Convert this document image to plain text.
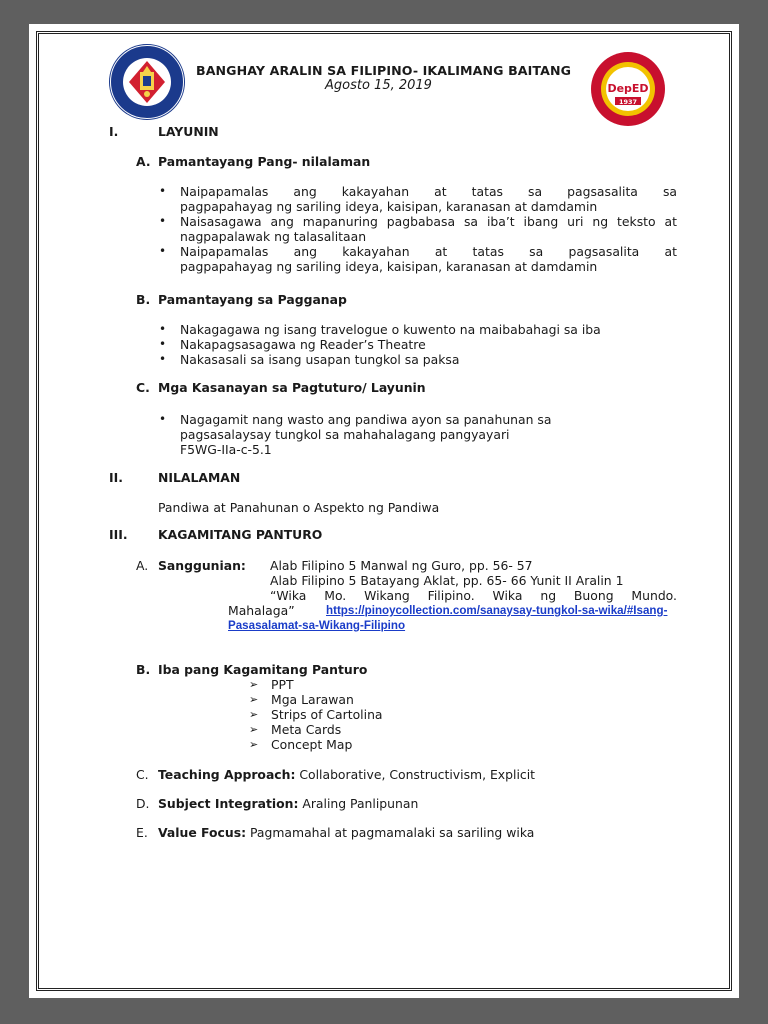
BANGHAY ARALIN SA FILIPINO- IKALIMANG BAITANG
Agosto 15, 2019	DepED
1937
I.	LAYUNIN
A. Pamantayang Pang- nilalaman
• Naipapamalas ang kakayahan at tatas sa pagsasalita sa
pagpapahayag ng sariling ideya, kaisipan, karanasan at damdamin
• Naisasagawa ang mapanuring pagbabasa sa iba’t ibang uri ng teksto at
nagpapalawak ng talasalitaan
• Naipapamalas ang kakayahan at tatas sa pagsasalita at
pagpapahayag ng sariling ideya, kaisipan, karanasan at damdamin
B. Pamantayang sa Pagganap
• Nakagagawa ng isang travelogue o kuwento na maibabahagi sa iba
• Nakapagsasagawa ng Reader’s Theatre
• Nakasasali sa isang usapan tungkol sa paksa
C. Mga Kasanayan sa Pagtuturo/ Layunin
• Nagagamit nang wasto ang pandiwa ayon sa panahunan sa
pagsasalaysay tungkol sa mahahalagang pangyayari
F5WG-IIa-c-5.1
II.	NILALAMAN
Pandiwa at Panahunan o Aspekto ng Pandiwa
III. KAGAMITANG PANTURO
A. Sanggunian: Alab Filipino 5 Manwal ng Guro, pp. 56- 57
Alab Filipino 5 Batayang Aklat, pp. 65- 66 Yunit II Aralin 1
“Wika Mo. Wikang Filipino. Wika ng Buong Mundo.
Mahalaga”	https://pinoycollection.com/sanaysay-tungkol-sa-wika/#Isang-
Pasasalamat-sa-Wikang-Filipino
B. Iba pang Kagamitang Panturo
➢ PPT
➢ Mga Larawan
➢ Strips of Cartolina
➢ Meta Cards
➢ Concept Map
C. Teaching Approach: Collaborative, Constructivism, Explicit
D. Subject Integration: Araling Panlipunan
E. Value Focus: Pagmamahal at pagmamalaki sa sariling wika
